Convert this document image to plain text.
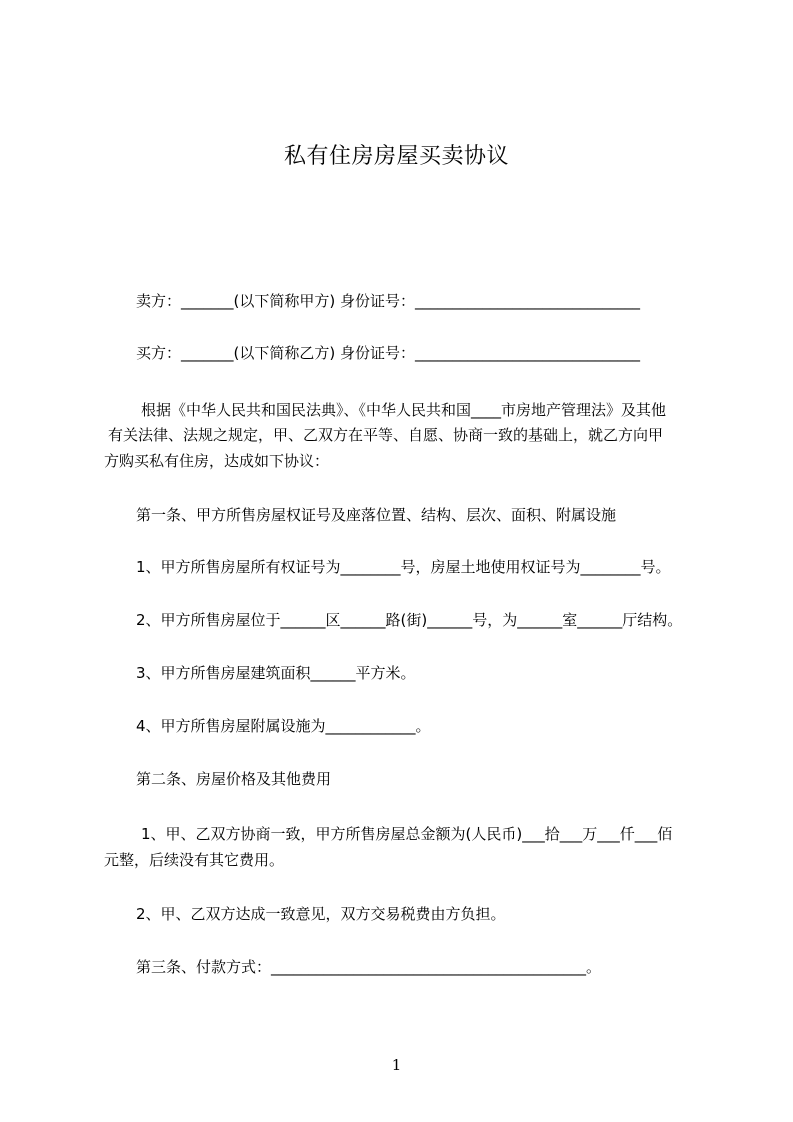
私有住房房屋买卖协议
卖方：_______(以下简称甲方) 身份证号：______________________________
买方：_______(以下简称乙方) 身份证号：______________________________
根据《中华人民共和国民法典》、《中华人民共和国____市房地产管理法》及其他
有关法律、法规之规定，甲、乙双方在平等、自愿、协商一致的基础上，就乙方向甲
方购买私有住房，达成如下协议：
第一条、甲方所售房屋权证号及座落位置、结构、层次、面积、附属设施
1、甲方所售房屋所有权证号为________号，房屋土地使用权证号为________号。
2、甲方所售房屋位于______区______路(街)______号，为______室______厅结构。
3、甲方所售房屋建筑面积______平方米。
4、甲方所售房屋附属设施为____________。
第二条、房屋价格及其他费用
1、甲、乙双方协商一致，甲方所售房屋总金额为(人民币)___拾___万___仟___佰
元整，后续没有其它费用。
2、甲、乙双方达成一致意见，双方交易税费由方负担。
第三条、付款方式：__________________________________________。
1
